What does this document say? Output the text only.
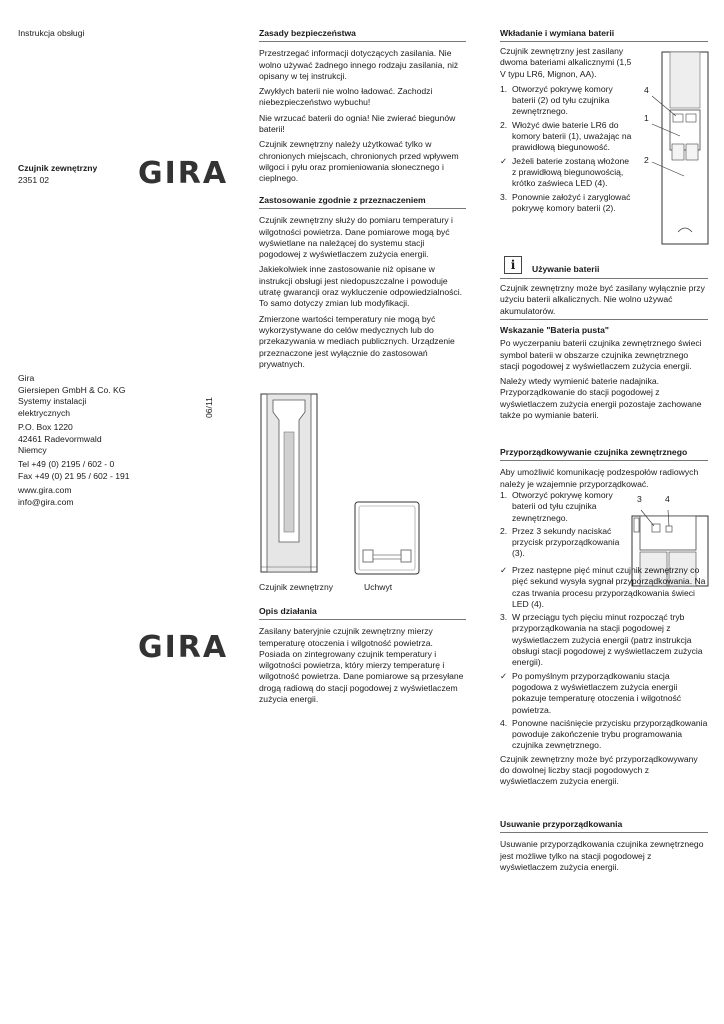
Instrukcja obsługi
Czujnik zewnętrzny
2351 02	GIRA
Gira
Giersiepen GmbH & Co. KG
Systemy instalacji
elektrycznych
P.O. Box 1220
42461 Radevormwald
Niemcy
Tel +49 (0) 2195 / 602 - 0
Fax +49 (0) 21 95 / 602 - 191
www.gira.com
info@gira.com
06/11
GIRA
Zasady bezpieczeństwa

Przestrzegać informacji dotyczących zasilania. Nie wolno używać żadnego innego rodzaju zasilania, niż opisany w tej instrukcji.

Zwykłych baterii nie wolno ładować. Zachodzi niebezpieczeństwo wybuchu!

Nie wrzucać baterii do ognia! Nie zwierać biegunów baterii!

Czujnik zewnętrzny należy użytkować tylko w chronionych miejscach, chronionych przed wpływem wilgoci i pyłu oraz promieniowania słonecznego i cieplnego.

Zastosowanie zgodnie z przeznaczeniem

Czujnik zewnętrzny służy do pomiaru temperatury i wilgotności powietrza. Dane pomiarowe mogą być wyświetlane na należącej do systemu stacji pogodowej z wyświetlaczem zużycia energii.

Jakiekolwiek inne zastosowanie niż opisane w instrukcji obsługi jest niedopuszczalne i powoduje utratę gwarancji oraz wykluczenie odpowiedzialności. To samo dotyczy zmian lub modyfikacji.

Zmierzone wartości temperatury nie mogą być wykorzystywane do celów medycznych lub do przekazywania w mediach publicznych. Urządzenie przeznaczone jest wyłącznie do zastosowań prywatnych.

Czujnik zewnętrzny	Uchwyt
Opis działania

Zasilany bateryjnie czujnik zewnętrzny mierzy temperaturę otoczenia i wilgotność powietrza. Posiada on zintegrowany czujnik temperatury i wilgotności powietrza, który mierzy temperaturę i wilgotność powietrza. Dane pomiarowe są przesyłane drogą radiową do stacji pogodowej z wyświetlaczem zużycia energii.

Wkładanie i wymiana baterii

Czujnik zewnętrzny jest zasilany dwoma bateriami alkalicznymi (1,5 V typu LR6, Mignon, AA).

1. Otworzyć pokrywę komory baterii (2) od tyłu czujnika zewnętrznego.
2. Włożyć dwie baterie LR6 do komory baterii (1), uważając na prawidłową biegunowość.
✓ Jeżeli baterie zostaną włożone z prawidłową biegunowością, krótko zaświeca LED (4).
3. Ponownie założyć i zaryglować pokrywę komory baterii (2).
4
1
2
i	Używanie baterii
Czujnik zewnętrzny może być zasilany wyłącznie przy użyciu baterii alkalicznych. Nie wolno używać akumulatorów.
Wskazanie "Bateria pusta"

Po wyczerpaniu baterii czujnika zewnętrznego świeci symbol baterii w obszarze czujnika zewnętrznego stacji pogodowej z wyświetlaczem zużycia energii.

Należy wtedy wymienić baterie nadajnika. Przyporządkowanie do stacji pogodowej z wyświetlaczem zużycia energii pozostaje zachowane także po wymianie baterii.

Przyporządkowywanie czujnika zewnętrznego

Aby umożliwić komunikację podzespołów radiowych należy je wzajemnie przyporządkować.

3	4
1. Otworzyć pokrywę komory baterii od tyłu czujnika zewnętrznego.
2. Przez 3 sekundy naciskać przycisk przyporządkowania (3).
✓ Przez następne pięć minut czujnik zewnętrzny co pięć sekund wysyła sygnał przyporządkowania. Na czas trwania procesu przyporządkowania świeci LED (4).
3. W przeciągu tych pięciu minut rozpocząć tryb przyporządkowania na stacji pogodowej z wyświetlaczem zużycia energii (patrz instrukcja obsługi stacji pogodowej z wyświetlaczem zużycia energii).
✓ Po pomyślnym przyporządkowaniu stacja pogodowa z wyświetlaczem zużycia energii pokazuje temperaturę otoczenia i wilgotność powietrza.
4. Ponowne naciśnięcie przycisku przyporządkowania powoduje zakończenie trybu programowania czujnika zewnętrznego.

Czujnik zewnętrzny może być przyporządkowywany do dowolnej liczby stacji pogodowych z wyświetlaczem zużycia energii.

Usuwanie przyporządkowania

Usuwanie przyporządkowania czujnika zewnętrznego jest możliwe tylko na stacji pogodowej z wyświetlaczem zużycia energii.
